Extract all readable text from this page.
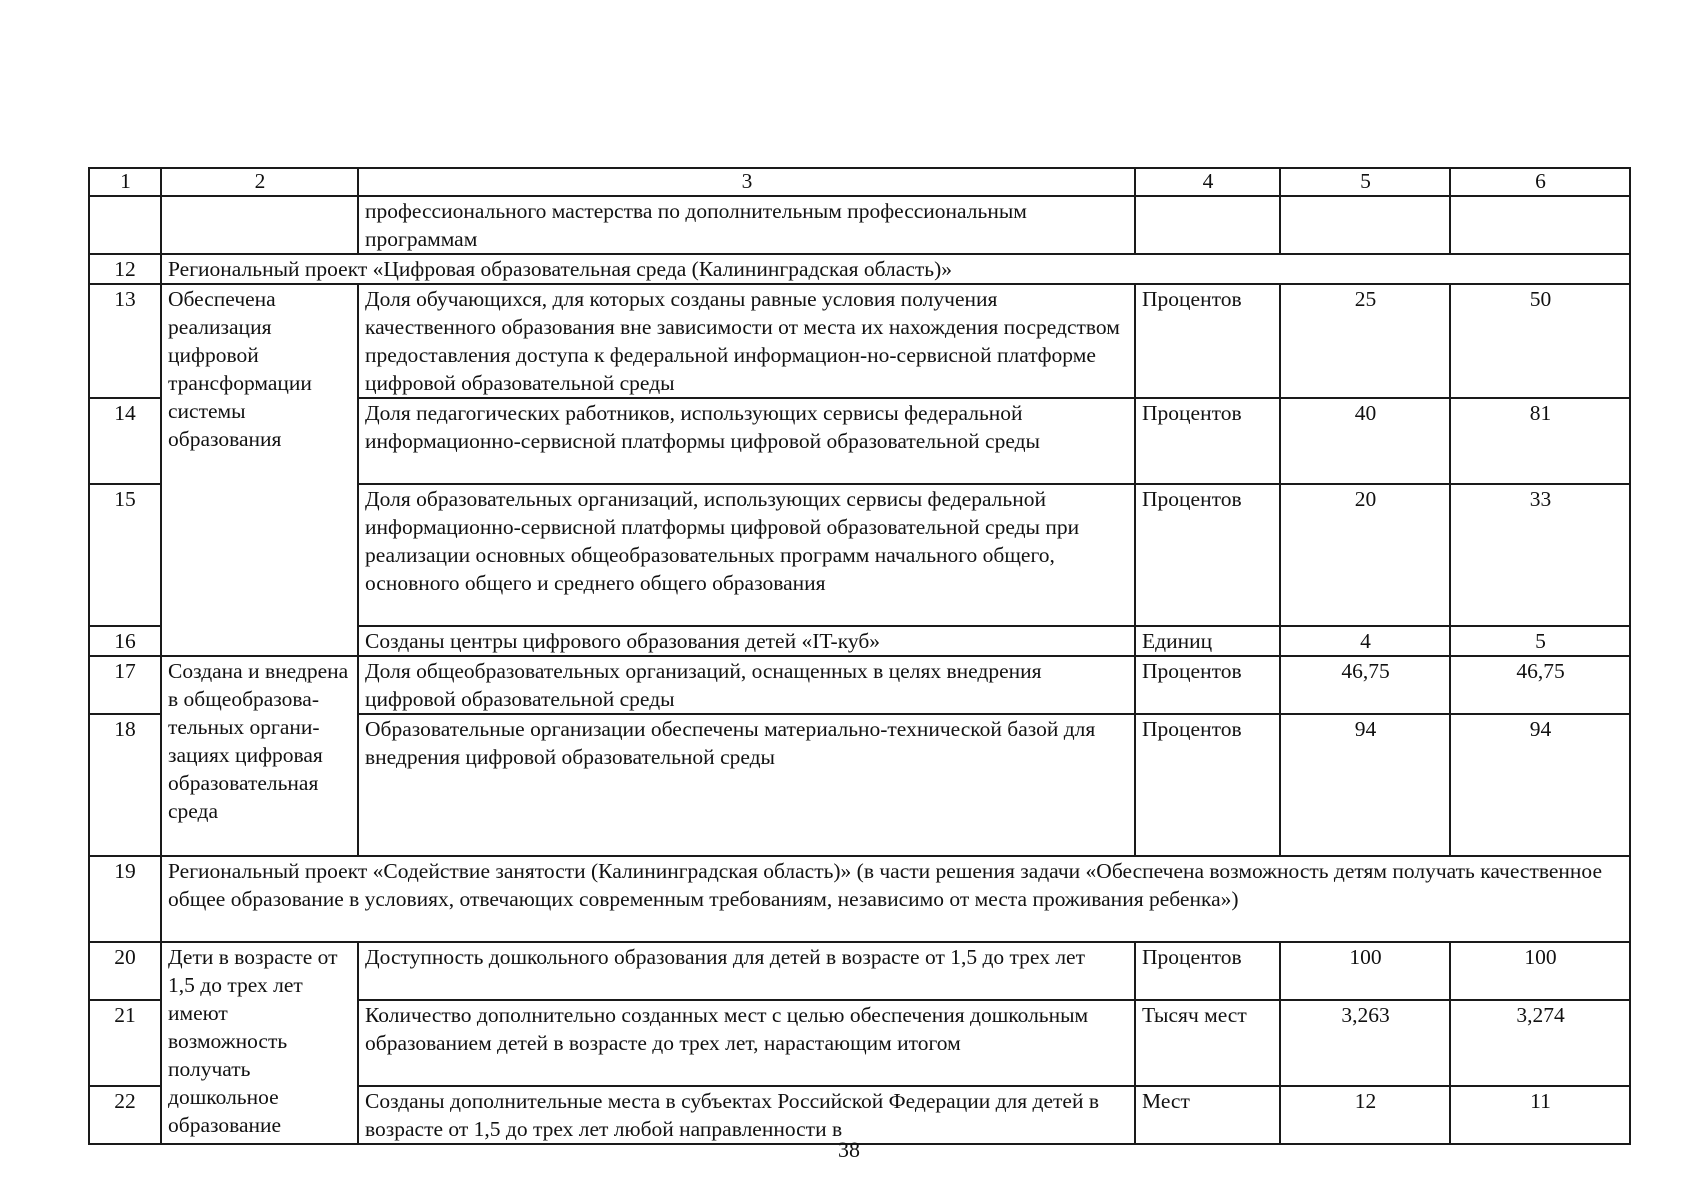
1	2	3	4	5	6
		профессионального мастерства по дополнительным профессиональным программам			
12	Региональный проект «Цифровая образовательная среда (Калининградская область)»				
13	Обеспечена реализация цифровой трансформации системы образования	Доля обучающихся, для которых созданы равные условия получения качественного образования вне зависимости от места их нахождения посредством предоставления доступа к федеральной информацион-но-сервисной платформе цифровой образовательной среды	Процентов	25	50
14		Доля педагогических работников, использующих сервисы федеральной информационно-сервисной платформы цифровой образовательной среды	Процентов	40	81
15		Доля образовательных организаций, использующих сервисы федеральной информационно-сервисной платформы цифровой образовательной среды при реализации основных общеобразовательных программ начального общего, основного общего и среднего общего образования	Процентов	20	33
16		Созданы центры цифрового образования детей «IT-куб»	Единиц	4	5
17	Создана и внедрена в общеобразова-тельных органи-зациях цифровая образовательная среда	Доля общеобразовательных организаций, оснащенных в целях внедрения цифровой образовательной среды	Процентов	46,75	46,75
18		Образовательные организации обеспечены материально-технической базой для внедрения цифровой образовательной среды	Процентов	94	94
19	Региональный проект «Содействие занятости (Калининградская область)» (в части решения задачи «Обеспечена возможность детям получать качественное общее образование в условиях, отвечающих современным требованиям, независимо от места проживания ребенка»)				
20	Дети в возрасте от 1,5 до трех лет имеют возможность получать дошкольное образование	Доступность дошкольного образования для детей в возрасте от 1,5 до трех лет	Процентов	100	100
21		Количество дополнительно созданных мест с целью обеспечения дошкольным образованием детей в возрасте до трех лет, нарастающим итогом	Тысяч мест	3,263	3,274
22		Созданы дополнительные места в субъектах Российской Федерации для детей в возрасте от 1,5 до трех лет любой направленности в	Мест	12	11
38
